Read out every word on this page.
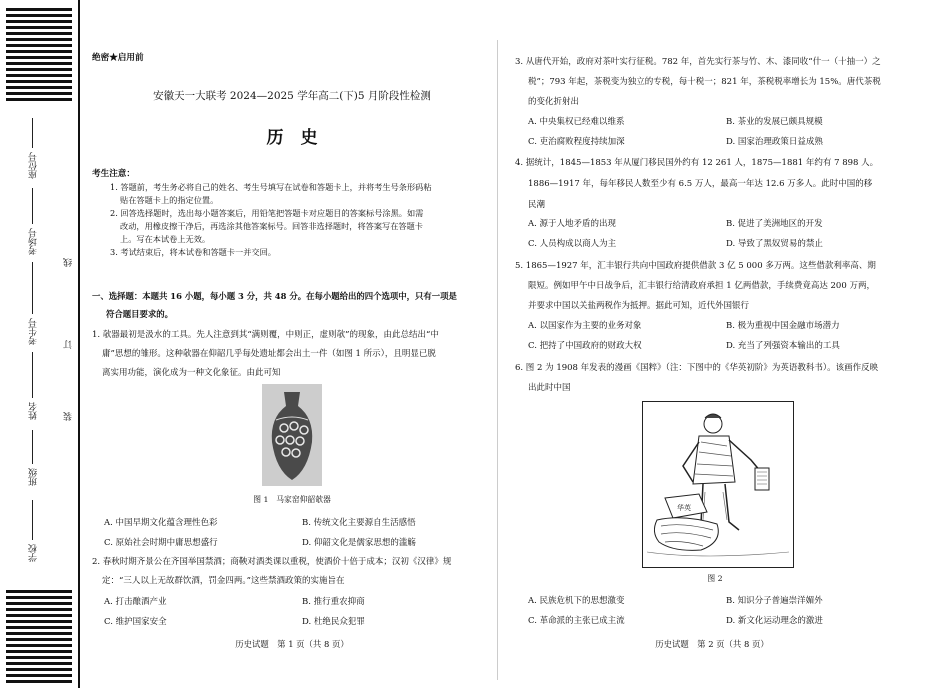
座位号
考场号
考生号
姓名
班级
学校
线
订
装
绝密★启用前
安徽天一大联考 2024—2025 学年高二(下)5 月阶段性检测
历　史
考生注意：
1. 答题前，考生务必将自己的姓名、考生号填写在试卷和答题卡上，并将考生号条形码粘
贴在答题卡上的指定位置。
2. 回答选择题时，选出每小题答案后，用铅笔把答题卡对应题目的答案标号涂黑。如需
改动，用橡皮擦干净后，再选涂其他答案标号。回答非选择题时，将答案写在答题卡
上。写在本试卷上无效。
3. 考试结束后，将本试卷和答题卡一并交回。
一、选择题：本题共 16 小题，每小题 3 分，共 48 分。在每小题给出的四个选项中，只有一项是
符合题目要求的。
1. 欹器最初是汲水的工具。先人注意到其“满则覆，中则正，虚则欹”的现象，由此总结出“中
庸”思想的雏形。这种欹器在仰韶几乎每处遗址都会出土一件（如图 1 所示），且明显已脱
离实用功能，演化成为一种文化象征。由此可知
图 1　马家窑仰韶欹器
A. 中国早期文化蕴含理性色彩	B. 传统文化主要源自生活感悟
C. 原始社会时期中庸思想盛行	D. 仰韶文化是儒家思想的滥觞
2. 春秋时期齐景公在齐国举国禁酒；商鞅对酒类课以重税，使酒价十倍于成本；汉初《汉律》规
定：“三人以上无故群饮酒，罚金四两。”这些禁酒政策的实施旨在
A. 打击酿酒产业	B. 推行重农抑商
C. 维护国家安全	D. 杜绝民众犯罪
历史试题　第 1 页（共 8 页）
3. 从唐代开始，政府对茶叶实行征税。782 年，首先实行茶与竹、木、漆同收“什一（十抽一）之
税”；793 年起，茶税变为独立的专税，每十税一；821 年，茶税税率增长为 15%。唐代茶税
的变化折射出
A. 中央集权已经难以维系	B. 茶业的发展已颇具规模
C. 吏治腐败程度持续加深	D. 国家治理政策日益成熟
4. 据统计，1845—1853 年从厦门移民国外约有 12 261 人，1875—1881 年约有 7 898 人。
1886—1917 年，每年移民人数至少有 6.5 万人，最高一年达 12.6 万多人。此时中国的移
民潮
A. 源于人地矛盾的出现	B. 促进了美洲地区的开发
C. 人员构成以商人为主	D. 导致了黑奴贸易的禁止
5. 1865—1927 年，汇丰银行共向中国政府提供借款 3 亿 5 000 多万两。这些借款利率高、期
限短。例如甲午中日战争后，汇丰银行给清政府承担 1 亿两借款，手续费竟高达 200 万两，
并要求中国以关盐两税作为抵押。据此可知，近代外国银行
A. 以国家作为主要的业务对象	B. 极为重视中国金融市场潜力
C. 把持了中国政府的财政大权	D. 充当了列强资本输出的工具
6. 图 2 为 1908 年发表的漫画《国粹》（注：下图中的《华英初阶》为英语教科书）。该画作反映
出此时中国
华英
图 2
A. 民族危机下的思想激变	B. 知识分子普遍崇洋媚外
C. 革命派的主张已成主流	D. 新文化运动理念的激进
历史试题　第 2 页（共 8 页）
